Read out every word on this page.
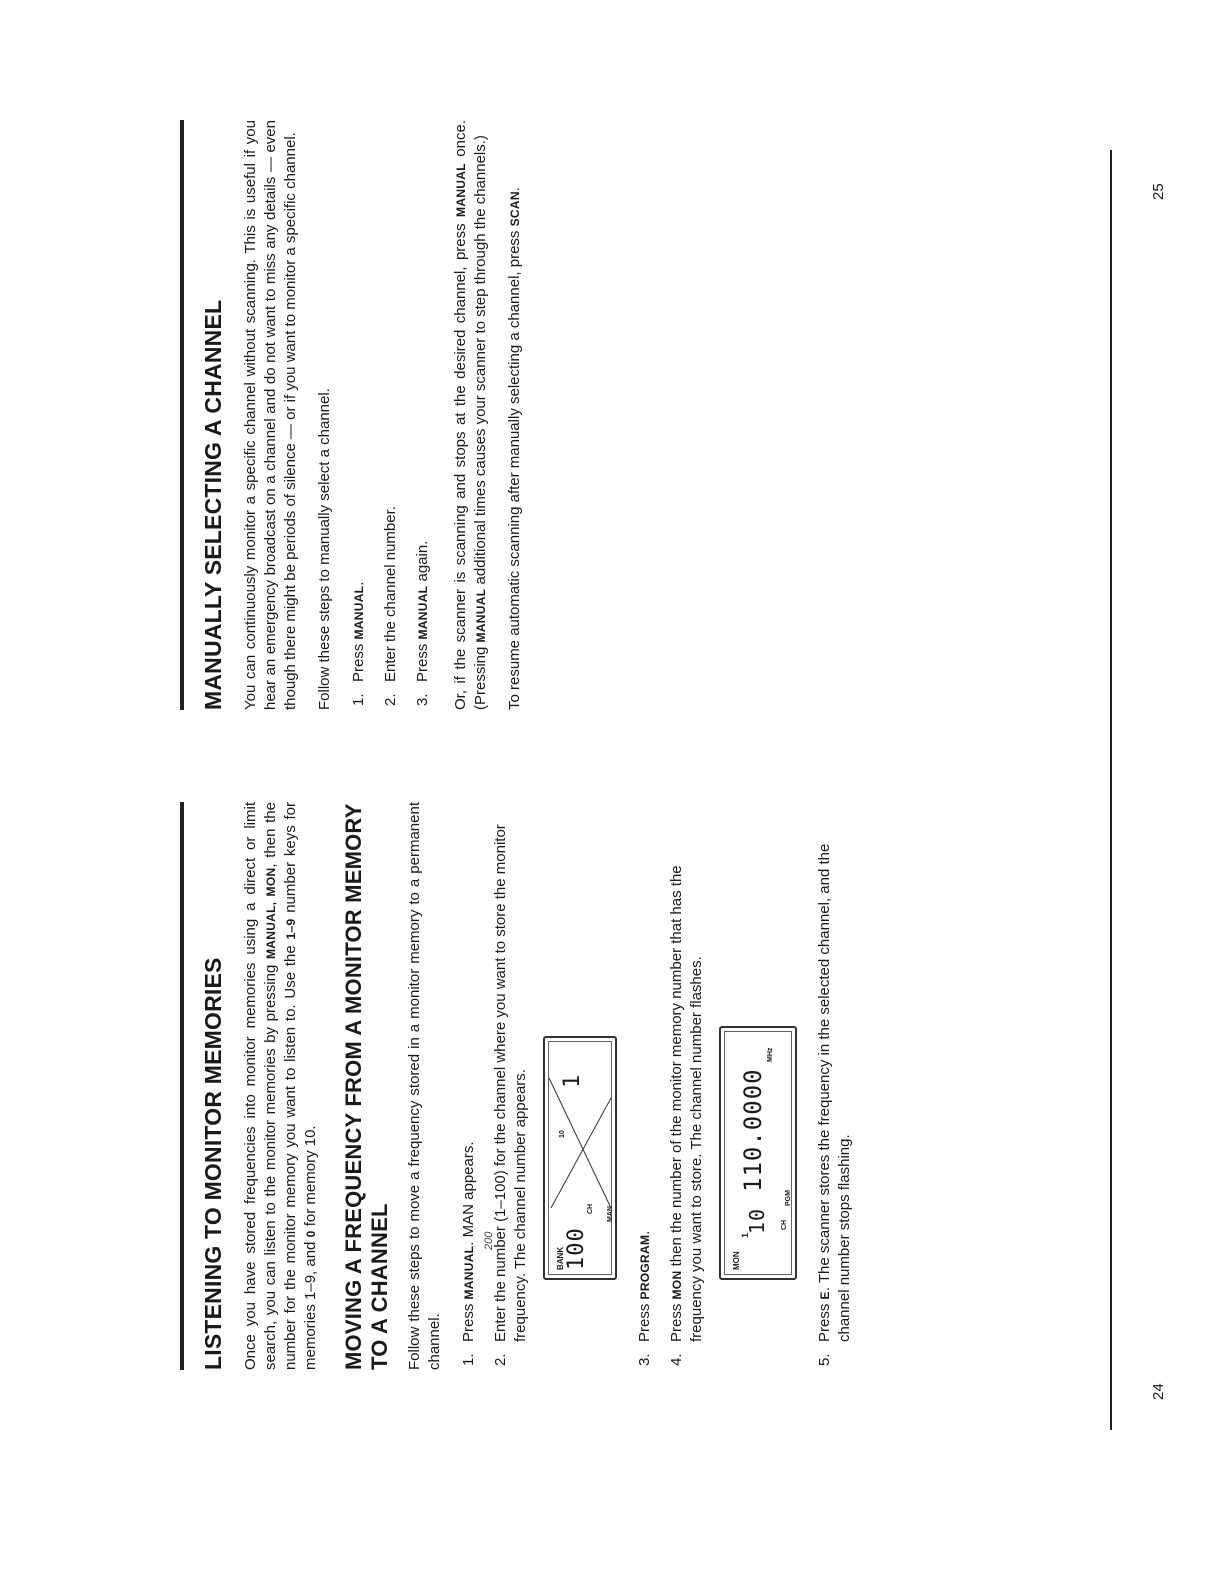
LISTENING TO MONITOR MEMORIES Once you have stored frequencies into monitor memories using a direct or limit search, you can listen to the monitor memories by pressing MANUAL, MON, then the number for the monitor memory you want to listen to. Use the 1–9 number keys for memories 1–9, and 0 for memory 10. MOVING A FREQUENCY FROM A MONITOR MEMORY TO A CHANNEL Follow these steps to move a frequency stored in a monitor memory to a permanent channel. 1.
Press MANUAL. MAN appears.
2.
Enter the number (1–100) for the channel where you want to store the monitor frequency. The channel number appears.
200
BANK 100
CH	MAN
10
1
3.
Press PROGRAM.
4.
Press MON then the number of the monitor memory number that has the frequency you want to store. The channel number flashes.	MON
1
10	CH
PGM
110.0000
MHz
5.
Press E. The scanner stores the frequency in the selected channel, and the channel number stops flashing.
24
MANUALLY SELECTING A CHANNEL You can continuously monitor a specific channel without scanning. This is useful if you hear an emergency broadcast on a channel and do not want to miss any details — even though there might be periods of silence — or if you want to monitor a specific channel. Follow these steps to manually select a channel. 1.
Press MANUAL.
2.
Enter the channel number.
3.
Press MANUAL again. Or, if the scanner is scanning and stops at the desired channel, press MANUAL once. (Pressing MANUAL additional times causes your scanner to step through the channels.) To resume automatic scanning after manually selecting a channel, press SCAN.	25
